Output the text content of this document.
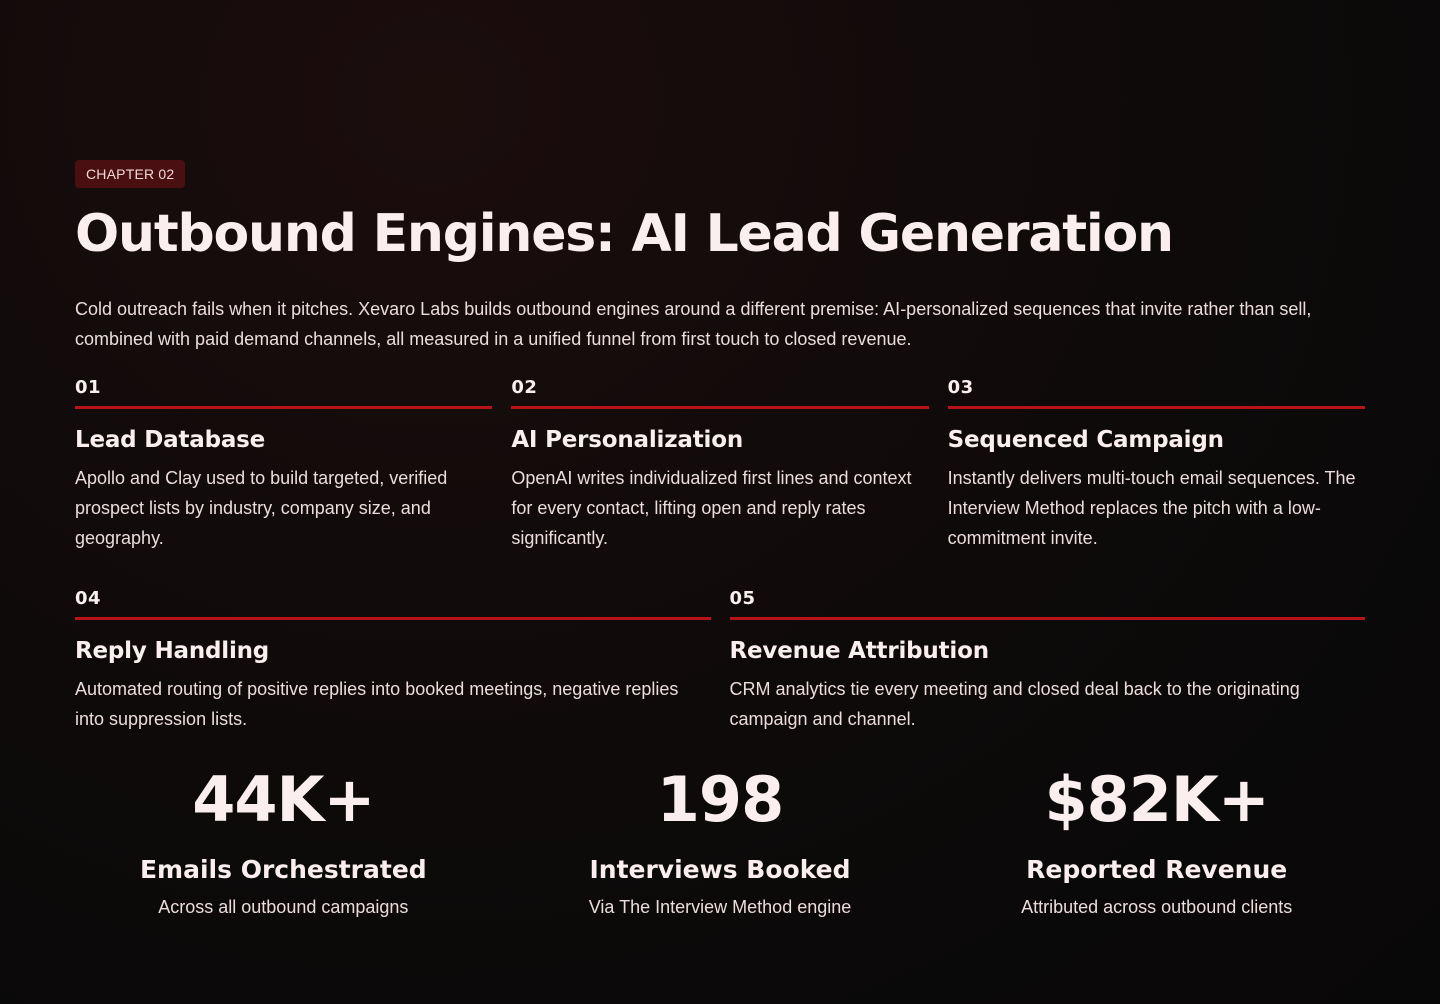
CHAPTER 02
Outbound Engines: AI Lead Generation

Cold outreach fails when it pitches. Xevaro Labs builds outbound engines around a different premise: AI-personalized sequences that invite rather than sell, combined with paid demand channels, all measured in a unified funnel from first touch to closed revenue.

01
Lead Database
Apollo and Clay used to build targeted, verified prospect lists by industry, company size, and geography.
02
AI Personalization
OpenAI writes individualized first lines and context for every contact, lifting open and reply rates significantly.
03
Sequenced Campaign
Instantly delivers multi-touch email sequences. The Interview Method replaces the pitch with a low-commitment invite.
04
Reply Handling
Automated routing of positive replies into booked meetings, negative replies into suppression lists.
05
Revenue Attribution
CRM analytics tie every meeting and closed deal back to the originating campaign and channel.
44K+
Emails Orchestrated
Across all outbound campaigns
198
Interviews Booked
Via The Interview Method engine
$82K+
Reported Revenue
Attributed across outbound clients
